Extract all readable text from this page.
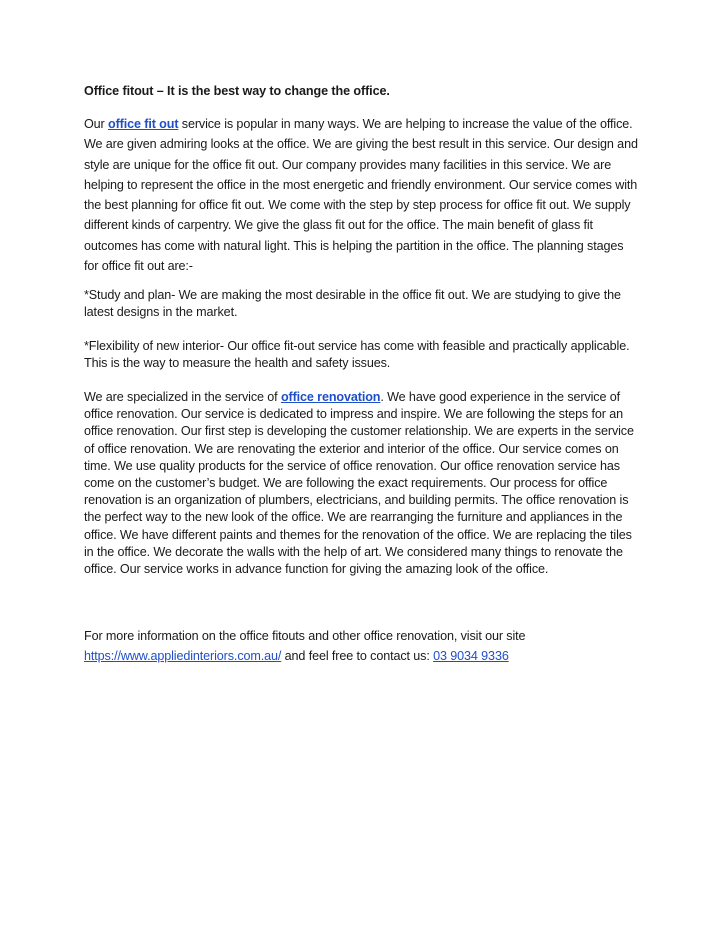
Office fitout – It is the best way to change the office.

Our office fit out service is popular in many ways. We are helping to increase the value of the office. We are given admiring looks at the office. We are giving the best result in this service. Our design and style are unique for the office fit out. Our company provides many facilities in this service. We are helping to represent the office in the most energetic and friendly environment. Our service comes with the best planning for office fit out. We come with the step by step process for office fit out. We supply different kinds of carpentry. We give the glass fit out for the office. The main benefit of glass fit outcomes has come with natural light. This is helping the partition in the office. The planning stages for office fit out are:-

*Study and plan- We are making the most desirable in the office fit out. We are studying to give the latest designs in the market.

*Flexibility of new interior- Our office fit-out service has come with feasible and practically applicable. This is the way to measure the health and safety issues.

We are specialized in the service of office renovation. We have good experience in the service of office renovation. Our service is dedicated to impress and inspire. We are following the steps for an office renovation. Our first step is developing the customer relationship. We are experts in the service of office renovation. We are renovating the exterior and interior of the office. Our service comes on time. We use quality products for the service of office renovation. Our office renovation service has come on the customer’s budget. We are following the exact requirements. Our process for office renovation is an organization of plumbers, electricians, and building permits. The office renovation is the perfect way to the new look of the office. We are rearranging the furniture and appliances in the office. We have different paints and themes for the renovation of the office. We are replacing the tiles in the office. We decorate the walls with the help of art. We considered many things to renovate the office. Our service works in advance function for giving the amazing look of the office.

For more information on the office fitouts and other office renovation, visit our site https://www.appliedinteriors.com.au/ and feel free to contact us: 03 9034 9336
